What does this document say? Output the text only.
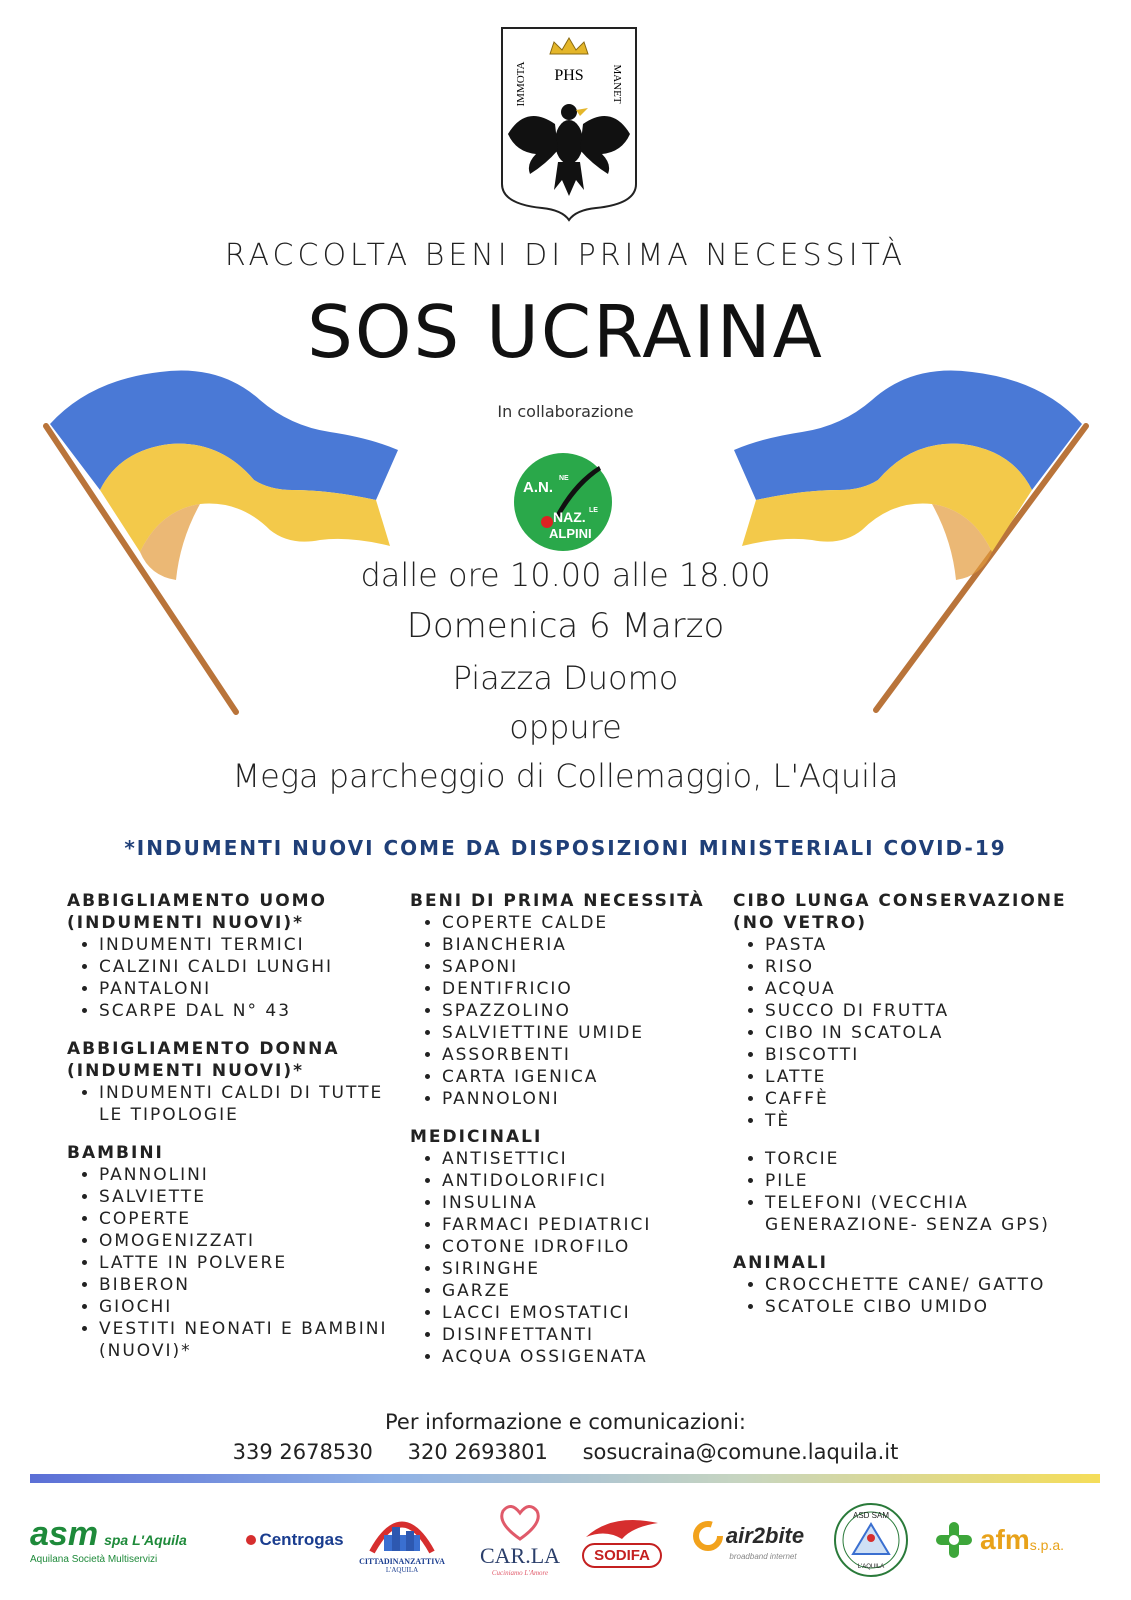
IMMOTA	MANET
PHS
RACCOLTA BENI DI PRIMA NECESSITÀ
SOS UCRAINA
In collaborazione
A.N.
NE
NAZ. LE
ALPINI
dalle ore 10.00 alle 18.00
Domenica 6 Marzo
Piazza Duomo
oppure
Mega parcheggio di Collemaggio, L'Aquila
*INDUMENTI NUOVI COME DA DISPOSIZIONI MINISTERIALI COVID-19
ABBIGLIAMENTO UOMO (INDUMENTI NUOVI)*
• INDUMENTI TERMICI
• CALZINI CALDI LUNGHI
• PANTALONI
• SCARPE DAL N° 43
ABBIGLIAMENTO DONNA (INDUMENTI NUOVI)*
• INDUMENTI CALDI DI TUTTE LE TIPOLOGIE
BAMBINI
• PANNOLINI
• SALVIETTE
• COPERTE
• OMOGENIZZATI
• LATTE IN POLVERE
• BIBERON
• GIOCHI
• VESTITI NEONATI E BAMBINI (NUOVI)*
BENI DI PRIMA NECESSITÀ
• COPERTE CALDE
• BIANCHERIA
• SAPONI
• DENTIFRICIO
• SPAZZOLINO
• SALVIETTINE UMIDE
• ASSORBENTI
• CARTA IGENICA
• PANNOLONI
MEDICINALI
• ANTISETTICI
• ANTIDOLORIFICI
• INSULINA
• FARMACI PEDIATRICI
• COTONE IDROFILO
• SIRINGHE
• GARZE
• LACCI EMOSTATICI
• DISINFETTANTI
• ACQUA OSSIGENATA
CIBO LUNGA CONSERVAZIONE (NO VETRO)
• PASTA
• RISO
• ACQUA
• SUCCO DI FRUTTA
• CIBO IN SCATOLA
• BISCOTTI
• LATTE
• CAFFÈ
• TÈ
• TORCIE
• PILE
• TELEFONI (VECCHIA GENERAZIONE- SENZA GPS)
ANIMALI
• CROCCHETTE CANE/ GATTO
• SCATOLE CIBO UMIDO
Per informazione e comunicazioni:
339 2678530 320 2693801 sosucraina@comune.laquila.it
asm spa L'Aquila
Aquilana Società Multiservizi
Centrogas
CITTADINANZATTIVA
L'AQUILA
CAR.LA
Cuciniamo L'Amore
SODIFA
air2bite
broadband internet
ASD SAM
L'AQUILA
afm s.p.a.
